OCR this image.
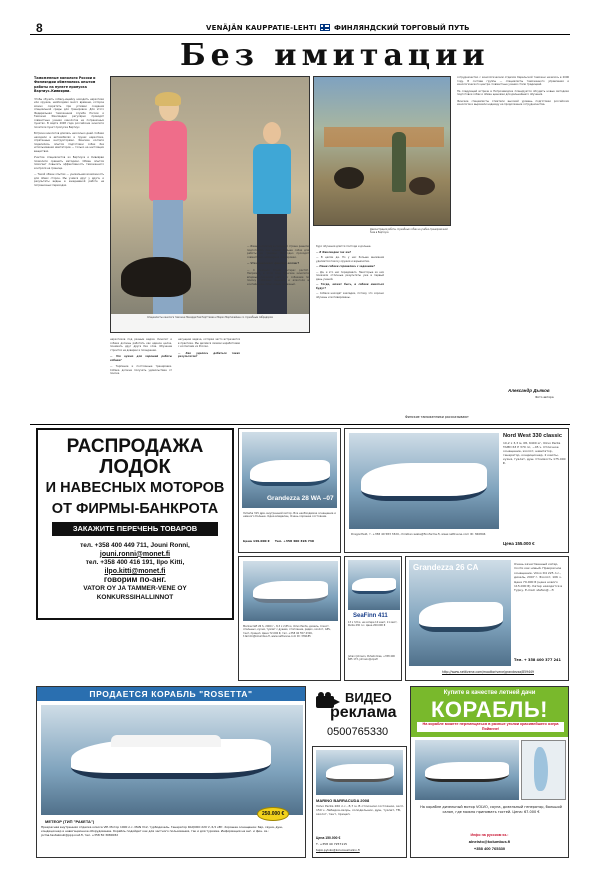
8	VENÄJÄN KAUPPATIE-LEHTI ФИНЛЯНДСКИЙ ТОРГОВЫЙ ПУТЬ
Без имитации

Таможенные кинологи России и Финляндии обменялись опытом работы на пункте пропуска Вартиус–Кивиярви.

Чтобы обучить собаку-ищейку находить наркотики или оружие, необходимо много времени, которое можно сократить при условии создания специальной среды для тренировки. Для этого Федеральная таможенная служба России и Таможня Финляндии регулярно проводят совместные учения кинологов на пограничных пунктах. В марте 2008 года российские кинологи посетили пункт пропуска Вартиус.

Встреча кинологов длилась несколько дней. Собаки находили в автомобилях и грузах наркотики, спрятанные инструкторами. Финские коллеги поделились опытом подготовки собак без использования имитаторов — только на настоящих веществах.

Участие специалистов из Вартиуса и Кивиярви позволило сравнить методики. Обмен опытом помогает повысить эффективность таможенного контроля на границе.

— Такой обмен опытом — уникальная возможность для обеих сторон. Мы учимся друг у друга, и результаты видны в ежедневной работе на пограничных переходах.

Специалисты кинологи таможни Никарда Пея Пирттимаа и Марко Мартикайнен со служебным лабрадором

Демонстрация работы служебных собак на учебно-тренировочной базе в Вартиусе

наркотиков под разным видом. Кинолог и собака должны работать как единое целое, понимать друг друга без слов. Обучение строится на доверии и поощрении.

— Что нужно для хорошей работы собаки?

— Терпение и постоянные тренировки. Собака должна получать удовольствие от поиска.

насущная задача, которая часто встречается в практике. Мы делимся своими наработками с коллегами из России.

— Как удалось добиться таких результатов?

— Именно поэтому в соседней стране решили подготовить как можно больше собак для работы на границе. Ежегодно проходят совместные семинары и стажировки.

— Что привлекает финских коллег?

— С каждым годом интерес растёт. Например, в этом году финские кинологи впервые показали работу с собаками по поиску табачных изделий и алкоголя в контейнерах. Опыт очень полезный.

Курс обучения длится полгода и дольше.

— В Финляндии так же?

— В целом да. Но у нас больше внимания уделяется поиску оружия и взрывчатки.

— Наши собаки справились с заданием?

— Да, и это нас порадовало. Некоторые из них показали отличные результаты уже в первый день учений.

— Тогда, может быть, и собаки меняться будут?

— Собаки находят закладки, потому что хорошо обучены и мотивированы.

сотрудничество с кинологическим отделом Карельской таможни началось в 2006 году. В составе группы — специалисты таможенного управления и кинологического центра. Совместные учения стали традицией.

На следующей встрече в Петрозаводске планируется обсудить новые методики подготовки собак и обмен щенками для дальнейшего обучения.

Финские специалисты отметили высокий уровень подготовки российских кинологов и выразили надежду на продолжение сотрудничества.

Александр Дьяков
Фото автора
Финские таможенники рассказывают
РАСПРОДАЖА
ЛОДОК
И НАВЕСНЫХ МОТОРОВ
ОТ ФИРМЫ-БАНКРОТА
ЗАКАЖИТЕ ПЕРЕЧЕНЬ ТОВАРОВ
тел. +358 400 449 711, Jouni Ronni,
jouni.ronni@monet.fi
тел. +358 400 416 191, Ilpo Kitti,
ilpo.kitti@monet.fi
говорим по-анг.
VATOR OY JA TAMMER-VENE OY
KONKURSSIHALLINNOT
Grandezza 28 WA –07

Yamaha 315 дрв. внутренний мотор. Все необходимое оснащение и немного больше. Одна владелец. Очень хорошее состояние.

Цена 149.000 € Тел. +358 400 496 740
Nord West 330 classic

10,2 x 3,3 м, 08, 6400 кг, Volvo Penta TAMD 63 P 370 лс, ~45 ч. Отличное оснащение, эхолот, навигатор, генератор, кондиционер, 2 каюты, кухня, туалет, душ. Стоимость 175.000 €.

Цена 155.000 €

Dragonfield, т. +358 40 583 3320, christian.wiala@finnfarms.fi, www.nettivene.com ID: 360846

Marinecraft 26 S, 2000 г., 8,3 x 2,85 м, Volvo Penta, дизель, 4 мест. спальных, кухня, туалет с душем, отопление, радио, эхолот, GPS, тент, прицеп. Цена 72.000 €, тел. +358 40 557 4316, t.tammi@kolumbus.fi, www.nettivene.com ID: 339185

SeaFinn 411

13 x 3,8 м, на катере 10 кают, 11 мест, Penta 430 л.с. Цена 200.000 €

Juhani Johnson, Puhelinmies, +358 400 685 173, johnson@vipufi

Grandezza 26 CA	Очень качественный катер, почти как новый. Прекрасное оснащение. Volvo D4 225 л.с., дизель, 2007 г. Эхолот, 106 ч. Цена 79.000 € (цена нового 115.000 €). Катер находится в Турку. E-mail: stefan@...fi

Тел. + 358 400 377 241
http://www.nettivene.com/moottorivene/grandezza/859449
ПРОДАЕТСЯ КОРАБЛЬ "ROSETTA"
МЕТЕОР (ТИП "РАКЕТА")
250.000 €

Прекрасная внутренняя отделка класса VIP. Мотор 1000 л.с. MAN V12, турбодизель. Генератор RAQURO 220 V, 6,5 кВт. Хорошее оснащение: бар, сауна, душ, кондиционер и навигационное оборудование. Корабль подойдет как для частного пользования, так и для туризма. Информация на анг. и фин. яз.: jorma.tautakoski@ppp.inet.fi, тел. +358 50 3080032

ВИДЕО
реклама
0500765330
MARINO BARRACUDA 2008

Volvo Penta 260 л.с., 8,7 м. В отличном состоянии, эксп. 150 ч. Лебедка-якорь, холодильник, душ, туалет, ТВ, эхолот, тент, прицеп.

Цена 150.000 €
Т. +358 40 7257115
taplo.pylvko@kolu.kaumalinn.fi
Купите в качестве летней дачи
КОРАБЛЬ!
На корабле можете перемещаться в разные уголки красивейшего озера Пяйянне!

На корабле дизельный мотор VOLVO, сауна, дизельный генератор, большой салон, где можно принимать гостей. Цена: 67.000 €

Инфо на русском яз.:
alneisto@kolumbus.fi
+358 400 765330
